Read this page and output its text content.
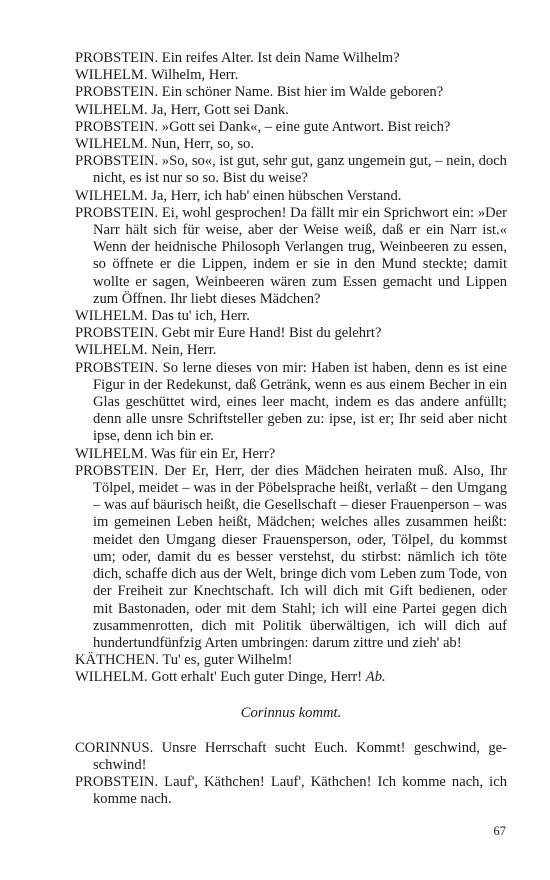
PROBSTEIN. Ein reifes Alter. Ist dein Name Wilhelm?

WILHELM. Wilhelm, Herr.

PROBSTEIN. Ein schöner Name. Bist hier im Walde geboren?

WILHELM. Ja, Herr, Gott sei Dank.

PROBSTEIN. »Gott sei Dank«, – eine gute Antwort. Bist reich?

WILHELM. Nun, Herr, so, so.

PROBSTEIN. »So, so«, ist gut, sehr gut, ganz ungemein gut, – nein, doch nicht, es ist nur so so. Bist du weise?

WILHELM. Ja, Herr, ich hab' einen hübschen Verstand.

PROBSTEIN. Ei, wohl gesprochen! Da fällt mir ein Sprichwort ein: »Der Narr hält sich für weise, aber der Weise weiß, daß er ein Narr ist.« Wenn der heidnische Philosoph Verlangen trug, Weinbeeren zu essen, so öffnete er die Lippen, indem er sie in den Mund steckte; damit wollte er sagen, Weinbeeren wären zum Essen gemacht und Lippen zum Öffnen. Ihr liebt dieses Mädchen?

WILHELM. Das tu' ich, Herr.

PROBSTEIN. Gebt mir Eure Hand! Bist du gelehrt?

WILHELM. Nein, Herr.

PROBSTEIN. So lerne dieses von mir: Haben ist haben, denn es ist eine Figur in der Redekunst, daß Getränk, wenn es aus einem Becher in ein Glas geschüttet wird, eines leer macht, indem es das andere anfüllt; denn alle unsre Schriftsteller geben zu: ipse, ist er; Ihr seid aber nicht ipse, denn ich bin er.

WILHELM. Was für ein Er, Herr?

PROBSTEIN. Der Er, Herr, der dies Mädchen heiraten muß. Also, Ihr Tölpel, meidet – was in der Pöbelsprache heißt, verlaßt – den Umgang – was auf bäurisch heißt, die Gesellschaft – dieser Frauenperson – was im gemeinen Leben heißt, Mädchen; welches alles zusammen heißt: meidet den Umgang dieser Frauensperson, oder, Tölpel, du kommst um; oder, damit du es besser verstehst, du stirbst: nämlich ich töte dich, schaffe dich aus der Welt, bringe dich vom Leben zum Tode, von der Freiheit zur Knechtschaft. Ich will dich mit Gift bedienen, oder mit Bastonaden, oder mit dem Stahl; ich will eine Partei gegen dich zusammenrotten, dich mit Politik überwältigen, ich will dich auf hundertundfünfzig Arten umbringen: darum zittre und zieh' ab!

KÄTHCHEN. Tu' es, guter Wilhelm!

WILHELM. Gott erhalt' Euch guter Dinge, Herr! Ab.

Corinnus kommt.

CORINNUS. Unsre Herrschaft sucht Euch. Kommt! geschwind, geschwind!

PROBSTEIN. Lauf', Käthchen! Lauf', Käthchen! Ich komme nach, ich komme nach.

67
